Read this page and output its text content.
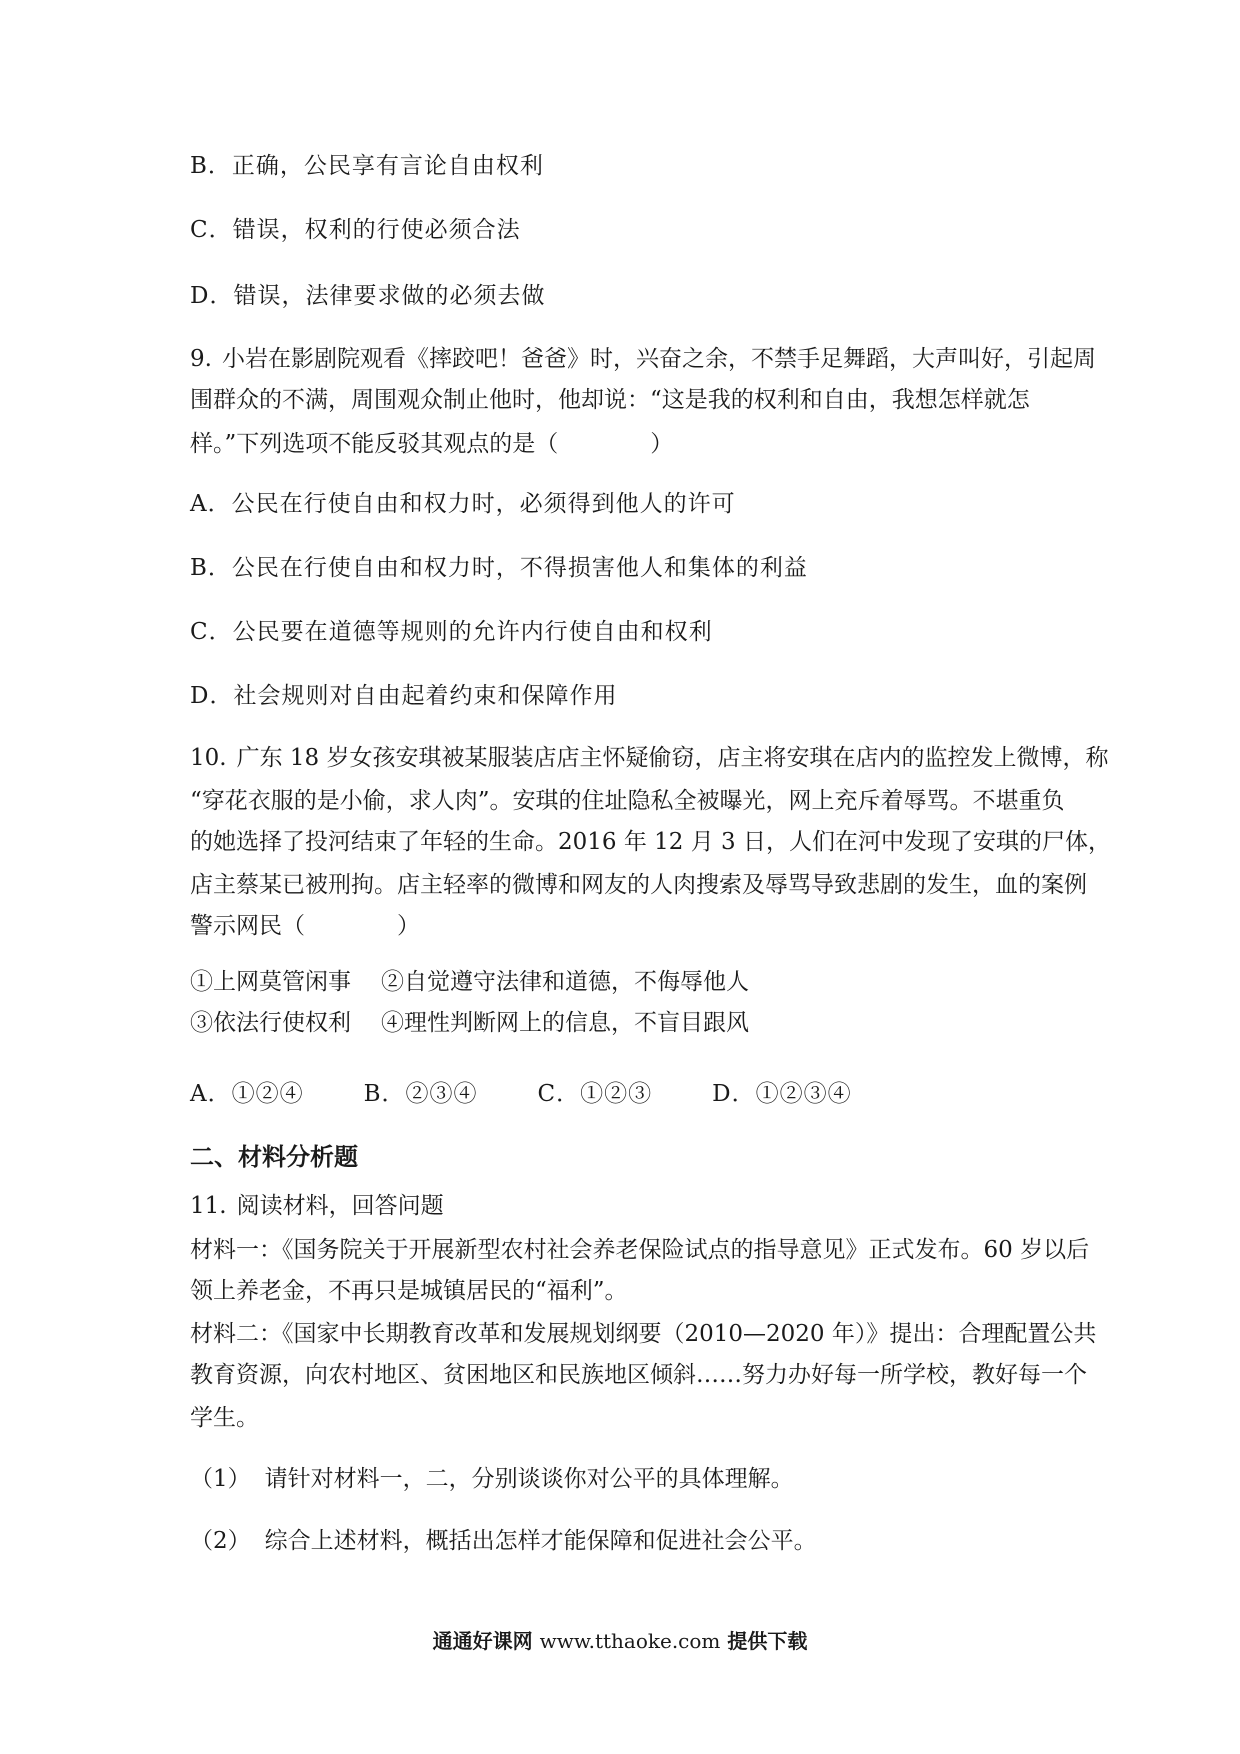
B．正确，公民享有言论自由权利
C．错误，权利的行使必须合法
D．错误，法律要求做的必须去做
9. 小岩在影剧院观看《摔跤吧！爸爸》时，兴奋之余，不禁手足舞蹈，大声叫好，引起周
围群众的不满，周围观众制止他时，他却说：“这是我的权利和自由，我想怎样就怎
样。”下列选项不能反驳其观点的是（　　　　）
A．公民在行使自由和权力时，必须得到他人的许可
B．公民在行使自由和权力时，不得损害他人和集体的利益
C．公民要在道德等规则的允许内行使自由和权利
D．社会规则对自由起着约束和保障作用
10. 广东 18 岁女孩安琪被某服装店店主怀疑偷窃，店主将安琪在店内的监控发上微博，称
“穿花衣服的是小偷，求人肉”。安琪的住址隐私全被曝光，网上充斥着辱骂。不堪重负
的她选择了投河结束了年轻的生命。2016 年 12 月 3 日，人们在河中发现了安琪的尸体，
店主蔡某已被刑拘。店主轻率的微博和网友的人肉搜索及辱骂导致悲剧的发生，血的案例
警示网民（　　　　）
①上网莫管闲事 ②自觉遵守法律和道德，不侮辱他人
③依法行使权利 ④理性判断网上的信息，不盲目跟风
A．①②④	B．②③④	C．①②③	D．①②③④
二、材料分析题
11. 阅读材料，回答问题
材料一：《国务院关于开展新型农村社会养老保险试点的指导意见》正式发布。60 岁以后
领上养老金，不再只是城镇居民的“福利”。
材料二：《国家中长期教育改革和发展规划纲要（2010—2020 年）》提出：合理配置公共
教育资源，向农村地区、贫困地区和民族地区倾斜……努力办好每一所学校，教好每一个
学生。
（1） 请针对材料一，二，分别谈谈你对公平的具体理解。
（2） 综合上述材料，概括出怎样才能保障和促进社会公平。
通通好课网 www.tthaoke.com 提供下载
